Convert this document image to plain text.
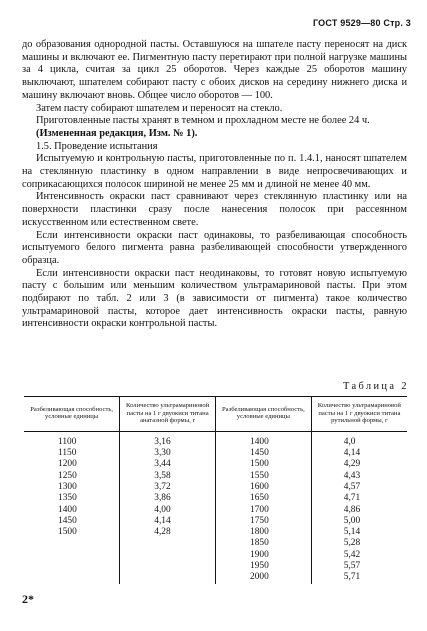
ГОСТ 9529—80 Стр. 3

до образования однородной пасты. Оставшуюся на шпателе пасту переносят на диск машины и включают ее. Пигментную пасту перетирают при полной нагрузке машины за 4 цикла, считая за цикл 25 оборотов. Через каждые 25 оборотов машину выключают, шпателем собирают пасту с обоих дисков на середину нижнего диска и машину включают вновь. Общее число оборотов — 100.

Затем пасту собирают шпателем и переносят на стекло.

Приготовленные пасты хранят в темном и прохладном месте не более 24 ч.

(Измененная редакция, Изм. № 1).

1.5. Проведение испытания

Испытуемую и контрольную пасты, приготовленные по п. 1.4.1, наносят шпателем на стеклянную пластинку в одном направлении в виде непросвечивающих и соприкасающихся полосок шириной не менее 25 мм и длиной не менее 40 мм.

Интенсивность окраски паст сравнивают через стеклянную пластинку или на поверхности пластинки сразу после нанесения полосок при рассеянном искусственном или естественном свете.

Если интенсивности окраски паст одинаковы, то разбеливающая способность испытуемого белого пигмента равна разбеливающей способности утвержденного образца.

Если интенсивности окраски паст неодинаковы, то готовят новую испытуемую пасту с большим или меньшим количеством ультрамариновой пасты. При этом подбирают по табл. 2 или 3 (в зависимости от пигмента) такое количество ультрамариновой пасты, которое дает интенсивность окраски пасты, равную интенсивности окраски контрольной пасты.

Таблица 2
Разбеливающая способность, условные единицы	Количество ультрамариновой пасты на 1 г двуокиси титана анатазной формы, г	Разбеливающая способность, условные единицы	Количество ультрамариновой пасты на 1 г двуокиси титана рутильной формы, г
1100	3,16	1400	4,0
1150	3,30	1450	4,14
1200	3,44	1500	4,29
1250	3,58	1550	4,43
1300	3,72	1600	4,57
1350	3,86	1650	4,71
1400	4,00	1700	4,86
1450	4,14	1750	5,00
1500	4,28	1800	5,14
		1850	5,28
		1900	5,42
		1950	5,57
		2000	5,71
2*
